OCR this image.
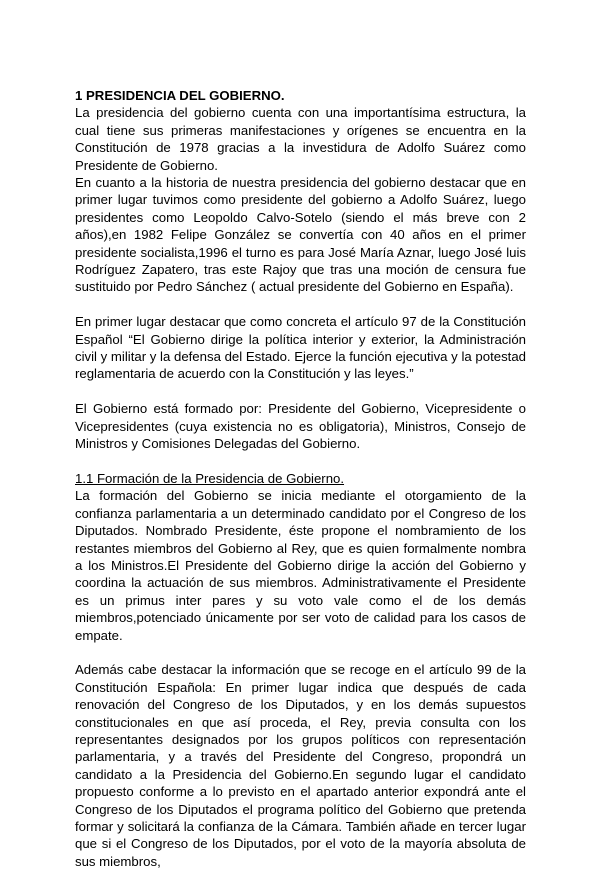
1 PRESIDENCIA DEL GOBIERNO.

La presidencia del gobierno cuenta con una importantísima estructura, la cual tiene sus primeras manifestaciones y orígenes se encuentra en la Constitución de 1978 gracias a la investidura de Adolfo Suárez como Presidente de Gobierno.

En cuanto a la historia de nuestra presidencia del gobierno destacar que en primer lugar tuvimos como presidente del gobierno a Adolfo Suárez, luego presidentes como Leopoldo Calvo-Sotelo (siendo el más breve con 2 años),en 1982 Felipe González se convertía con 40 años en el primer presidente socialista,1996 el turno es para José María Aznar, luego José luis Rodríguez Zapatero, tras este Rajoy que tras una moción de censura fue sustituido por Pedro Sánchez ( actual presidente del Gobierno en España).

En primer lugar destacar que como concreta el artículo 97 de la Constitución Español “El Gobierno dirige la política interior y exterior, la Administración civil y militar y la defensa del Estado. Ejerce la función ejecutiva y la potestad reglamentaria de acuerdo con la Constitución y las leyes.”

El Gobierno está formado por: Presidente del Gobierno, Vicepresidente o Vicepresidentes (cuya existencia no es obligatoria), Ministros, Consejo de Ministros y Comisiones Delegadas del Gobierno.

1.1 Formación de la Presidencia de Gobierno.

La formación del Gobierno se inicia mediante el otorgamiento de la confianza parlamentaria a un determinado candidato por el Congreso de los Diputados. Nombrado Presidente, éste propone el nombramiento de los restantes miembros del Gobierno al Rey, que es quien formalmente nombra a los Ministros.El Presidente del Gobierno dirige la acción del Gobierno y coordina la actuación de sus miembros. Administrativamente el Presidente es un primus inter pares y su voto vale como el de los demás miembros,potenciado únicamente por ser voto de calidad para los casos de empate.

Además cabe destacar la información que se recoge en el artículo 99 de la Constitución Española: En primer lugar indica que después de cada renovación del Congreso de los Diputados, y en los demás supuestos constitucionales en que así proceda, el Rey, previa consulta con los representantes designados por los grupos políticos con representación parlamentaria, y a través del Presidente del Congreso, propondrá un candidato a la Presidencia del Gobierno.En segundo lugar el candidato propuesto conforme a lo previsto en el apartado anterior expondrá ante el Congreso de los Diputados el programa político del Gobierno que pretenda formar y solicitará la confianza de la Cámara. También añade en tercer lugar que si el Congreso de los Diputados, por el voto de la mayoría absoluta de sus miembros,
